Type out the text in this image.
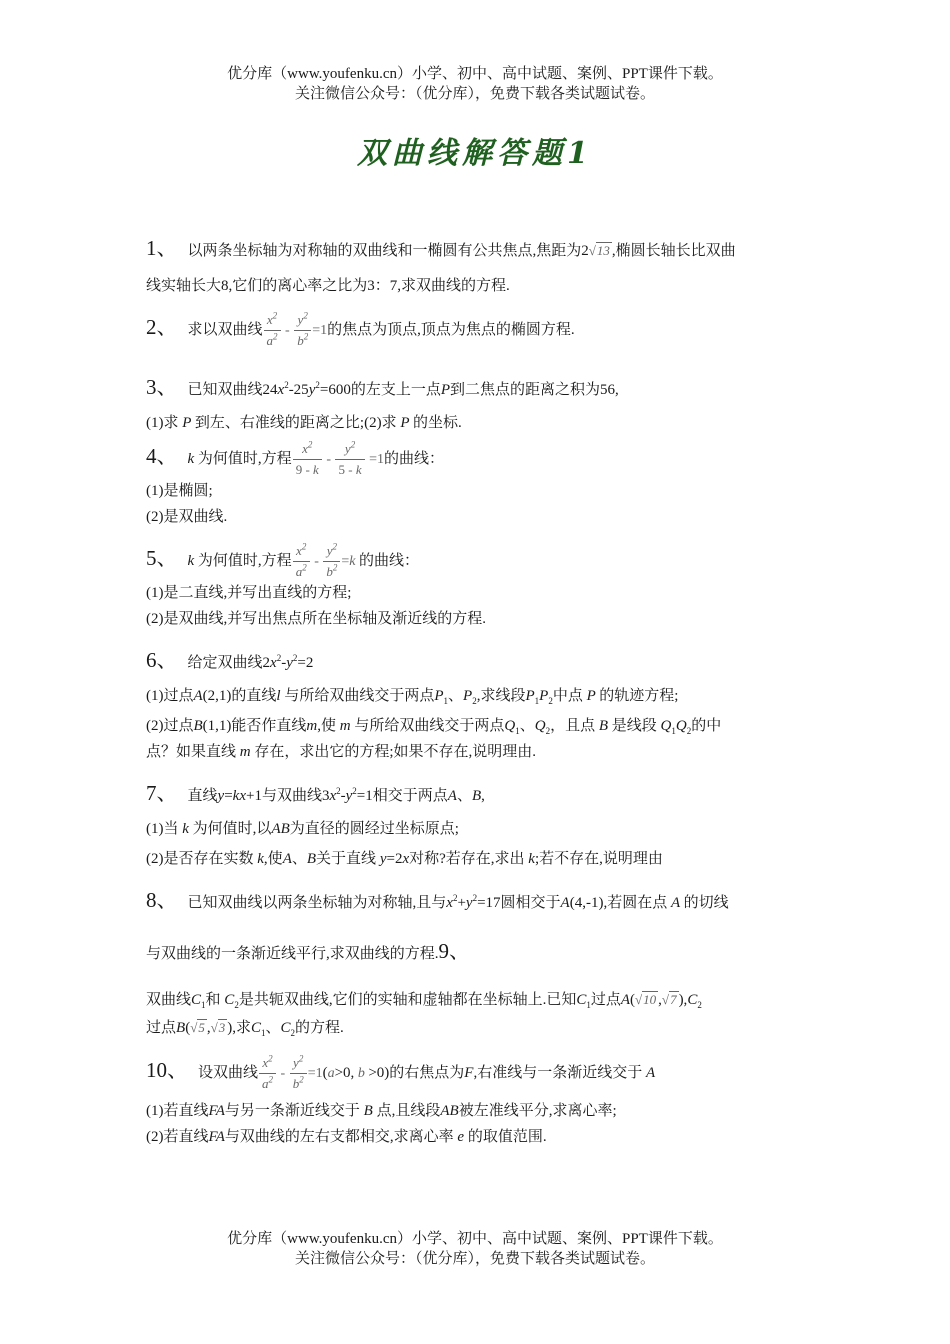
优分库（www.youfenku.cn）小学、初中、高中试题、案例、PPT课件下载。
关注微信公众号：（优分库），免费下载各类试题试卷。
双曲线解答题1
1、 以两条坐标轴为对称轴的双曲线和一椭圆有公共焦点,焦距为2√13 ,椭圆长轴长比双曲
线实轴长大8,它们的离心率之比为3：7,求双曲线的方程.
2、 求以双曲线 $\frac{x^2}{a^2} - \frac{y^2}{b^2} =1$的焦点为顶点,顶点为焦点的椭圆方程.
3、 已知双曲线$24x^2-25y^2=600$的左支上一点P到二焦点的距离之积为56,
(1)求 P 到左、右准线的距离之比;(2)求 P 的坐标.
4、 k 为何值时,方程 $\frac{x^2}{9 - k} - \frac{y^2}{5 - k} =1$的曲线：
(1)是椭圆;
(2)是双曲线.
5、 k 为何值时,方程 $\frac{x^2}{a^2} - \frac{y^2}{b^2} =k$ 的曲线：
(1)是二直线,并写出直线的方程;
(2)是双曲线,并写出焦点所在坐标轴及渐近线的方程.
6、 给定双曲线$2x^2-y^2=2$
(1)过点A(2,1)的直线l 与所给双曲线交于两点$P_1$、$P_2$,求线段$P_1P_2$中点 P 的轨迹方程;
(2)过点B(1,1)能否作直线m,使 m 与所给双曲线交于两点$Q_1$、$Q_2$，且点 B 是线段 $Q_1Q_2$的中
点？如果直线 m 存在，求出它的方程;如果不存在,说明理由.
7、 直线y=kx+1与双曲线$3x^2-y^2=1$相交于两点A、B,
(1)当 k 为何值时,以AB为直径的圆经过坐标原点;
(2)是否存在实数 k,使A、B关于直线 y=2x对称?若存在,求出 k;若不存在,说明理由
8、 已知双曲线以两条坐标轴为对称轴,且与$x^2+y^2=17$圆相交于A(4,-1),若圆在点 A 的切线
与双曲线的一条渐近线平行,求双曲线的方程.9、
双曲线$C_1$和 $C_2$是共轭双曲线,它们的实轴和虚轴都在坐标轴上.已知$C_1$过点A(√10 ,√7 )$,C_2$
过点B(√5 ,√3 ),求$C_1$、$C_2$的方程.
10、 设双曲线 $\frac{x^2}{a^2} - \frac{y^2}{b^2} =1(a>0$, b >0)的右焦点为F,右准线与一条渐近线交于 A
(1)若直线FA与另一条渐近线交于 B 点,且线段AB被左准线平分,求离心率;
(2)若直线FA与双曲线的左右支都相交,求离心率 e 的取值范围.
优分库（www.youfenku.cn）小学、初中、高中试题、案例、PPT课件下载。
关注微信公众号：（优分库），免费下载各类试题试卷。
